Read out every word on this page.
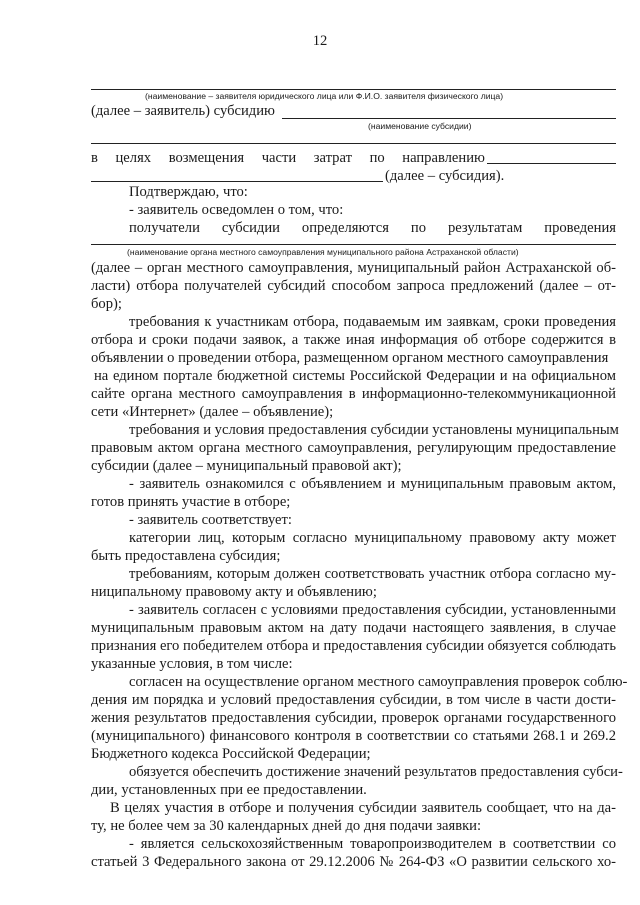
12
(наименование – заявителя юридического лица или Ф.И.О. заявителя физического лица)
(далее – заявитель) субсидию
(наименование субсидии)
в целях возмещения части затрат по направлению
(далее – субсидия).
Подтверждаю, что:
- заявитель осведомлен о том, что:
получатели субсидии определяются по результатам проведения
(наименование органа местного самоуправления муниципального района Астраханской области)
(далее – орган местного самоуправления, муниципальный район Астраханской об-
ласти) отбора получателей субсидий способом запроса предложений (далее – от-
бор);
требования к участникам отбора, подаваемым им заявкам, сроки проведения
отбора и сроки подачи заявок, а также иная информация об отборе содержится в
объявлении о проведении отбора, размещенном органом местного самоуправления
на едином портале бюджетной системы Российской Федерации и на официальном
сайте органа местного самоуправления в информационно-телекоммуникационной
сети «Интернет» (далее – объявление);
требования и условия предоставления субсидии установлены муниципальным
правовым актом органа местного самоуправления, регулирующим предоставление
субсидии (далее – муниципальный правовой акт);
- заявитель ознакомился с объявлением и муниципальным правовым актом,
готов принять участие в отборе;
- заявитель соответствует:
категории лиц, которым согласно муниципальному правовому акту может
быть предоставлена субсидия;
требованиям, которым должен соответствовать участник отбора согласно му-
ниципальному правовому акту и объявлению;
- заявитель согласен с условиями предоставления субсидии, установленными
муниципальным правовым актом на дату подачи настоящего заявления, в случае
признания его победителем отбора и предоставления субсидии обязуется соблюдать
указанные условия, в том числе:
согласен на осуществление органом местного самоуправления проверок соблю-
дения им порядка и условий предоставления субсидии, в том числе в части дости-
жения результатов предоставления субсидии, проверок органами государственного
(муниципального) финансового контроля в соответствии со статьями 268.1 и 269.2
Бюджетного кодекса Российской Федерации;
обязуется обеспечить достижение значений результатов предоставления субси-
дии, установленных при ее предоставлении.
В целях участия в отборе и получения субсидии заявитель сообщает, что на да-
ту, не более чем за 30 календарных дней до дня подачи заявки:
- является сельскохозяйственным товаропроизводителем в соответствии со
статьей 3 Федерального закона от 29.12.2006 № 264-ФЗ «О развитии сельского хо-
